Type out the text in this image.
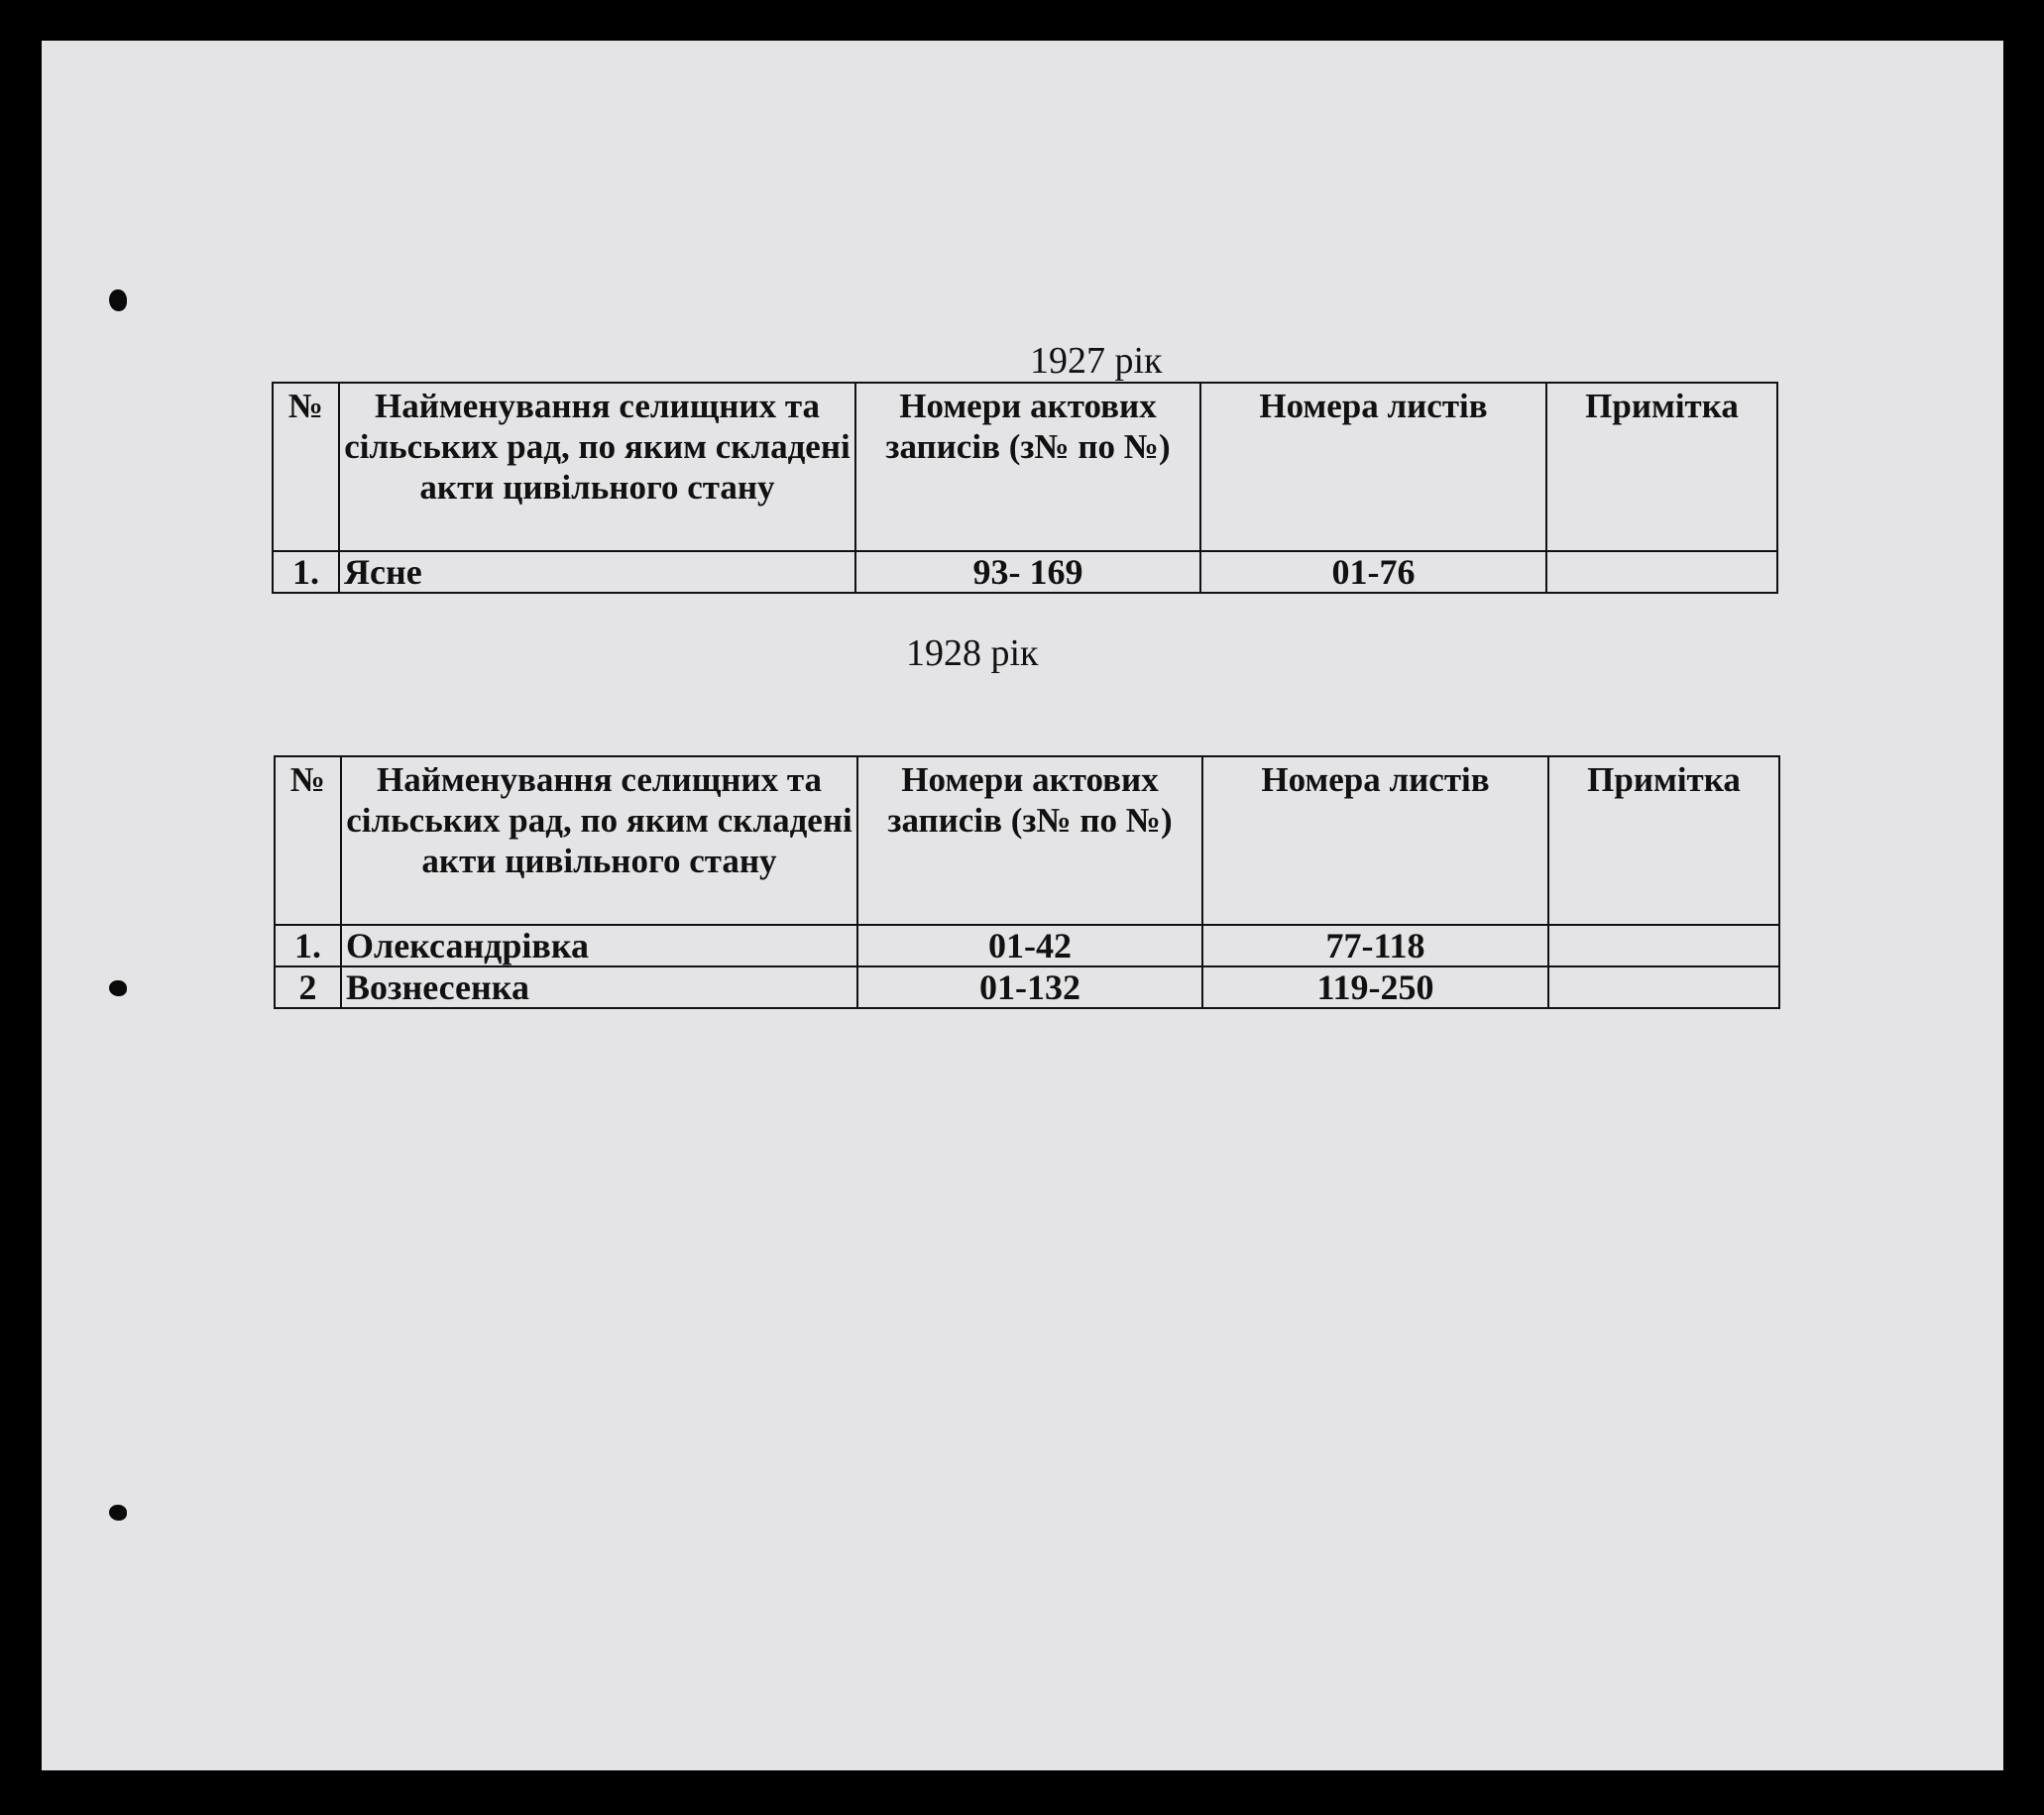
1927 рік
№	Найменування селищних та сільських рад, по яким складені акти цивільного стану	Номери актових записів (з№ по №)	Номера листів	Примітка
1.	Ясне	93- 169	01-76	
1928 рік
№	Найменування селищних та сільських рад, по яким складені акти цивільного стану	Номери актових записів (з№ по №)	Номера листів	Примітка
1.	Олександрівка	01-42	77-118	
2	Вознесенка	01-132	119-250	
